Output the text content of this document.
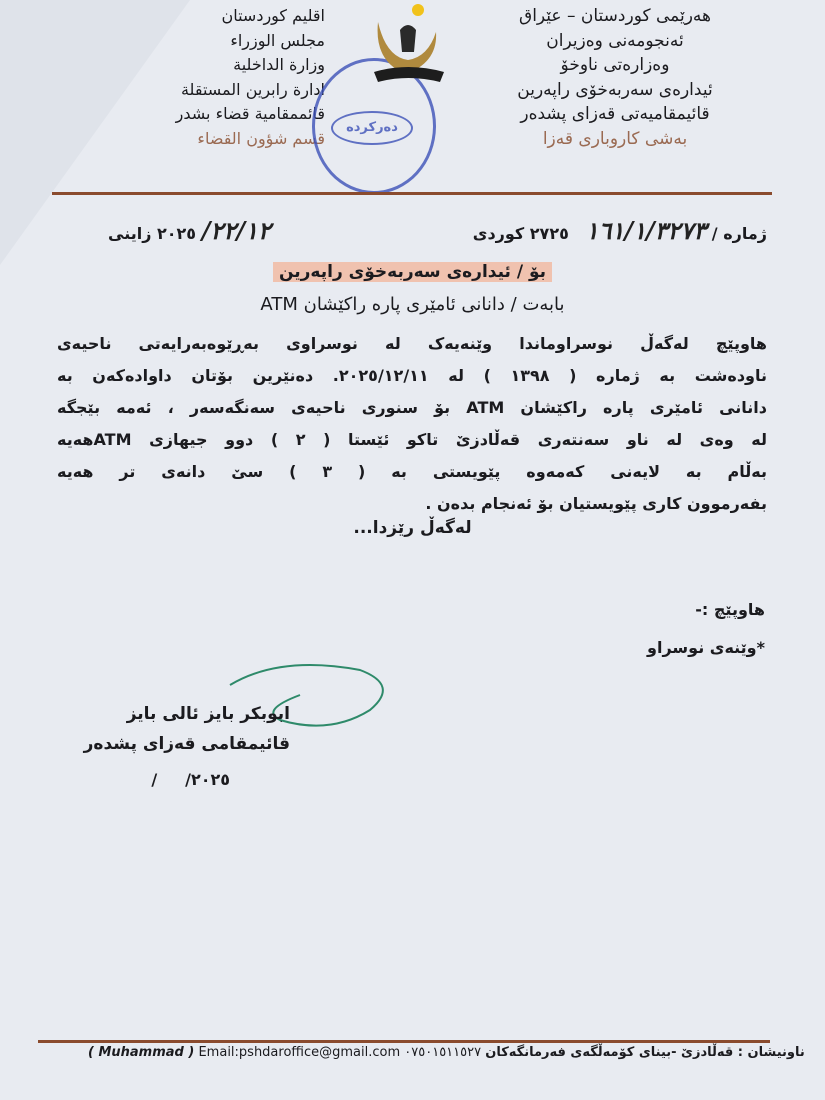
هەرێمی کوردستان – عێراق
ئەنجومەنی وەزیران
وەزارەتی ناوخۆ
ئیدارەی سەربەخۆی راپەرین
قائیمقامیەتی قەزای پشدەر
بەشی کاروباری قەزا
اقليم كوردستان
مجلس الوزراء
وزارة الداخلية
ادارة رابرين المستقلة
قائممقامية قضاء بشدر
قسم شؤون القضاء
دەرکردە
ژمارە / ١٦١/١/٣٢٧٣   ٢٧٢٥ كوردى
٢٢/١٢/ ٢٠٢٥ زاينى
بۆ / ئیدارەی سەربەخۆی راپەرین
بابەت / دانانی ئامێری پارە راکێشان ATM
هاوپێچ لەگەڵ نوسراوماندا وێنەیەک لە نوسراوی بەڕێوەبەرایەتی ناحیەی
ناودەشت بە ژمارە ( ١٣٩٨ ) لە ٢٠٢٥/١٢/١١. دەنێرین بۆتان داوادەکەن بە
دانانی ئامێری پارە راکێشان ATM بۆ سنوری ناحیەی سەنگەسەر ، ئەمە بێجگە
لە وەی لە ناو سەنتەری قەڵادزێ تاکو ئێستا ( ٢ ) دوو جیهازی ATMهەیە
بەڵام بە لایەنی کەمەوە پێویستی بە ( ٣ ) سێ دانەی تر هەیە
بفەرموون کاری پێویستیان بۆ ئەنجام بدەن .
لەگەڵ رێزدا...
هاوپێچ :-
*وێنەی نوسراو
ابوبكر بايز ئالى بايز
قائیمقامی قەزای پشدەر
٢٠٢٥/     /
( Muhammad ) Email:pshdaroffice@gmail.com ٠٧٥٠١٥١١٥٢٧ ناونیشان : قەڵادزێ -بینای کۆمەڵگەی فەرمانگەکان
